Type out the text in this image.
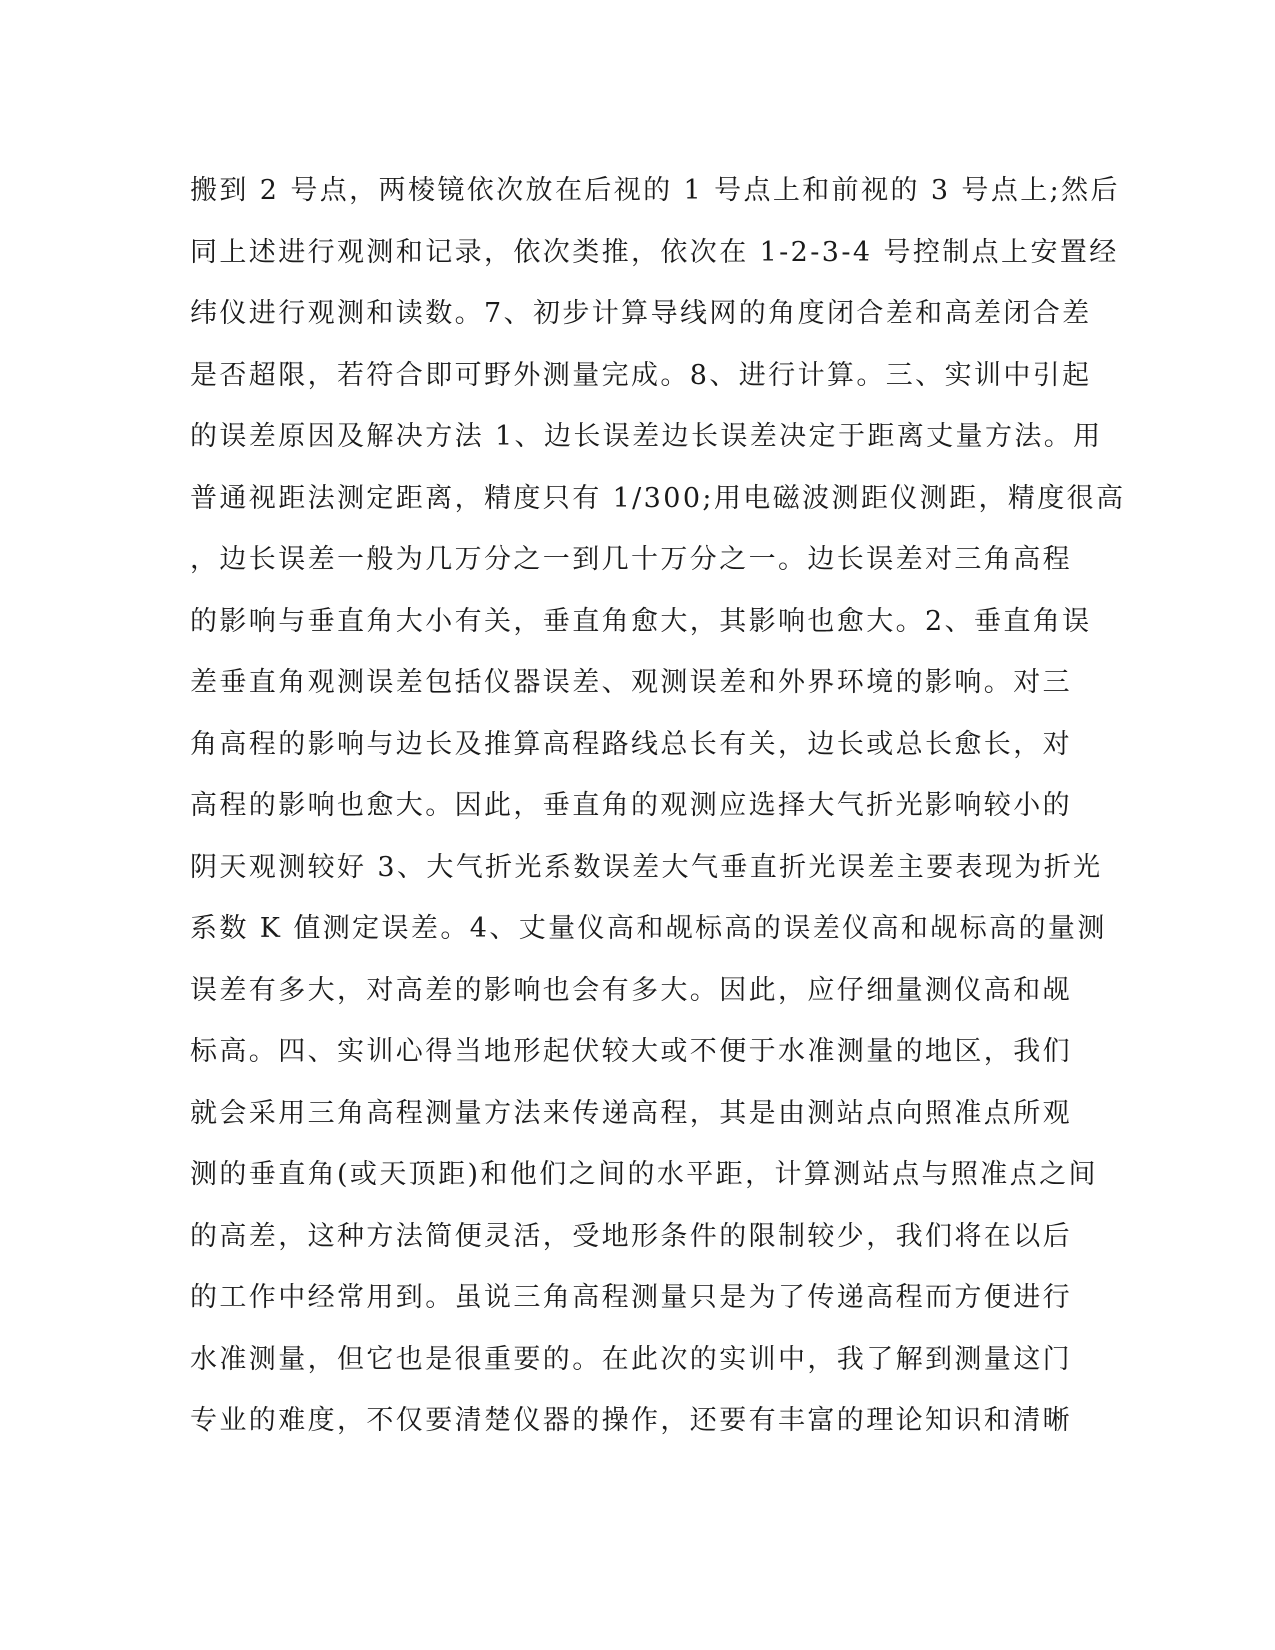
搬到 2 号点，两棱镜依次放在后视的 1 号点上和前视的 3 号点上;然后
同上述进行观测和记录，依次类推，依次在 1-2-3-4 号控制点上安置经
纬仪进行观测和读数。7、初步计算导线网的角度闭合差和高差闭合差
是否超限，若符合即可野外测量完成。8、进行计算。三、实训中引起
的误差原因及解决方法 1、边长误差边长误差决定于距离丈量方法。用
普通视距法测定距离，精度只有 1/300;用电磁波测距仪测距，精度很高
，边长误差一般为几万分之一到几十万分之一。边长误差对三角高程
的影响与垂直角大小有关，垂直角愈大，其影响也愈大。2、垂直角误
差垂直角观测误差包括仪器误差、观测误差和外界环境的影响。对三
角高程的影响与边长及推算高程路线总长有关，边长或总长愈长，对
高程的影响也愈大。因此，垂直角的观测应选择大气折光影响较小的
阴天观测较好 3、大气折光系数误差大气垂直折光误差主要表现为折光
系数 K 值测定误差。4、丈量仪高和觇标高的误差仪高和觇标高的量测
误差有多大，对高差的影响也会有多大。因此，应仔细量测仪高和觇
标高。四、实训心得当地形起伏较大或不便于水准测量的地区，我们
就会采用三角高程测量方法来传递高程，其是由测站点向照准点所观
测的垂直角(或天顶距)和他们之间的水平距，计算测站点与照准点之间
的高差，这种方法简便灵活，受地形条件的限制较少，我们将在以后
的工作中经常用到。虽说三角高程测量只是为了传递高程而方便进行
水准测量，但它也是很重要的。在此次的实训中，我了解到测量这门
专业的难度，不仅要清楚仪器的操作，还要有丰富的理论知识和清晰
